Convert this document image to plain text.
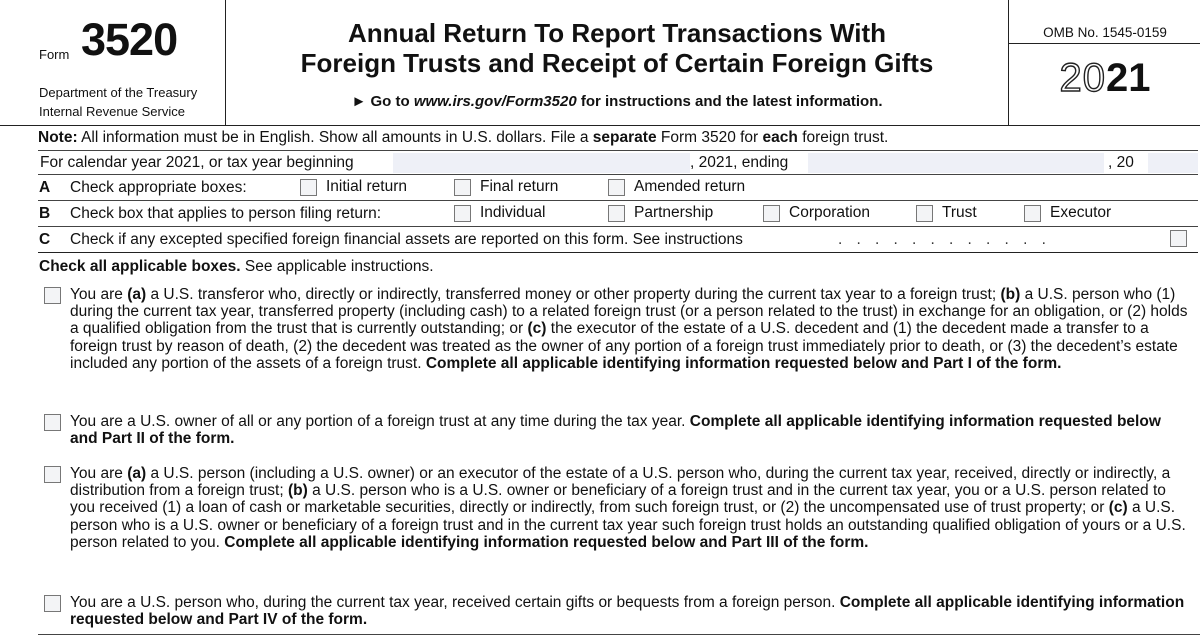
Form 3520
Department of the Treasury
Internal Revenue Service
Annual Return To Report Transactions With
Foreign Trusts and Receipt of Certain Foreign Gifts
► Go to www.irs.gov/Form3520 for instructions and the latest information.
OMB No. 1545-0159
2021
Note: All information must be in English. Show all amounts in U.S. dollars. File a separate Form 3520 for each foreign trust.
For calendar year 2021, or tax year beginning	, 2021, ending	, 20
A Check appropriate boxes:	Initial return	Final return	Amended return
B Check box that applies to person filing return:	Individual	Partnership	Corporation	Trust	Executor
C Check if any excepted specified foreign financial assets are reported on this form. See instructions	............
Check all applicable boxes. See applicable instructions.
You are (a) a U.S. transferor who, directly or indirectly, transferred money or other property during the current tax year to a foreign trust; (b) a U.S. person who (1) during the current tax year, transferred property (including cash) to a related foreign trust (or a person related to the trust) in exchange for an obligation, or (2) holds a qualified obligation from the trust that is currently outstanding; or (c) the executor of the estate of a U.S. decedent and (1) the decedent made a transfer to a foreign trust by reason of death, (2) the decedent was treated as the owner of any portion of a foreign trust immediately prior to death, or (3) the decedent’s estate included any portion of the assets of a foreign trust. Complete all applicable identifying information requested below and Part I of the form.
You are a U.S. owner of all or any portion of a foreign trust at any time during the tax year. Complete all applicable identifying information requested below and Part II of the form.
You are (a) a U.S. person (including a U.S. owner) or an executor of the estate of a U.S. person who, during the current tax year, received, directly or indirectly, a distribution from a foreign trust; (b) a U.S. person who is a U.S. owner or beneficiary of a foreign trust and in the current tax year, you or a U.S. person related to you received (1) a loan of cash or marketable securities, directly or indirectly, from such foreign trust, or (2) the uncompensated use of trust property; or (c) a U.S. person who is a U.S. owner or beneficiary of a foreign trust and in the current tax year such foreign trust holds an outstanding qualified obligation of yours or a U.S. person related to you. Complete all applicable identifying information requested below and Part III of the form.
You are a U.S. person who, during the current tax year, received certain gifts or bequests from a foreign person. Complete all applicable identifying information requested below and Part IV of the form.
